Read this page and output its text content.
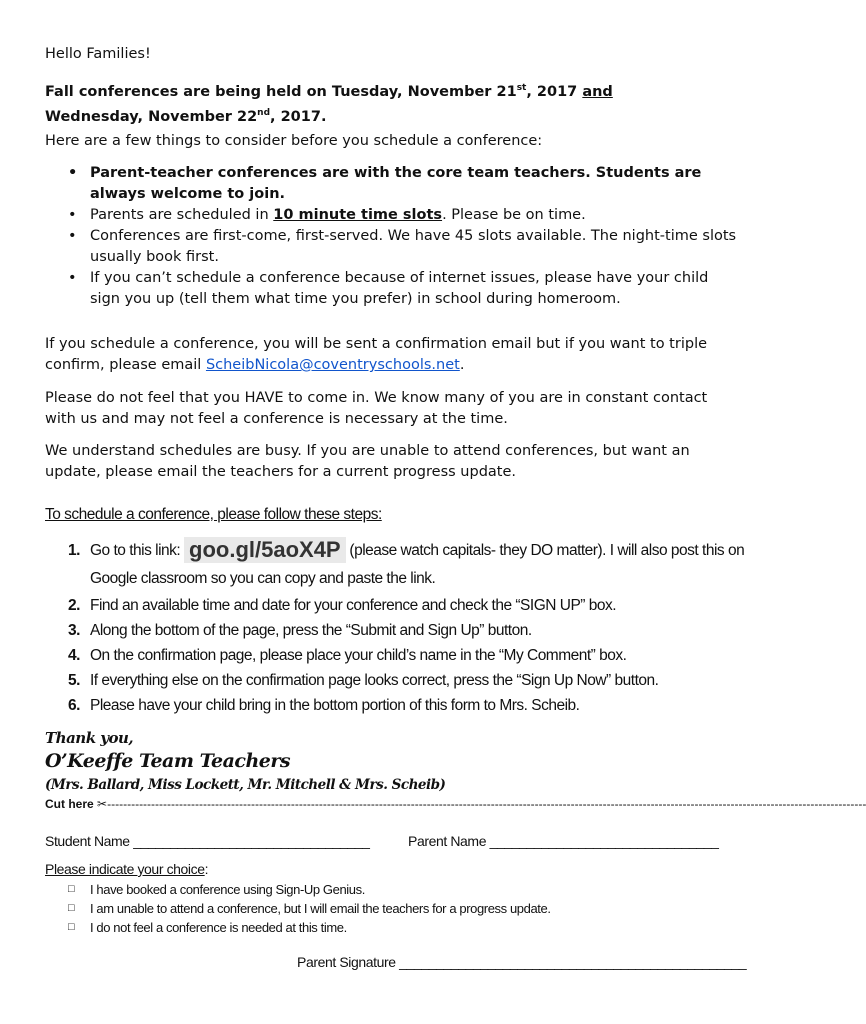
Hello Families!

Fall conferences are being held on Tuesday, November 21st, 2017 and
Wednesday, November 22nd, 2017.

Here are a few things to consider before you schedule a conference:

• Parent-teacher conferences are with the core team teachers. Students are always welcome to join.
• Parents are scheduled in 10 minute time slots. Please be on time.
• Conferences are first-come, first-served. We have 45 slots available. The night-time slots usually book first.
• If you can’t schedule a conference because of internet issues, please have your child sign you up (tell them what time you prefer) in school during homeroom.

If you schedule a conference, you will be sent a confirmation email but if you want to triple confirm, please email ScheibNicola@coventryschools.net.

Please do not feel that you HAVE to come in. We know many of you are in constant contact with us and may not feel a conference is necessary at the time.

We understand schedules are busy. If you are unable to attend conferences, but want an update, please email the teachers for a current progress update.

To schedule a conference, please follow these steps:
1. Go to this link: goo.gl/5aoX4P (please watch capitals- they DO matter). I will also post this on Google classroom so you can copy and paste the link.
2. Find an available time and date for your conference and check the “SIGN UP” box.
3. Along the bottom of the page, press the “Submit and Sign Up” button.
4. On the confirmation page, please place your child’s name in the “My Comment” box.
5. If everything else on the confirmation page looks correct, press the “Sign Up Now” button.
6. Please have your child bring in the bottom portion of this form to Mrs. Scheib.
Thank you,
O’Keeffe Team Teachers
(Mrs. Ballard, Miss Lockett, Mr. Mitchell & Mrs. Scheib)
Cut here ✂----------------------------------------------------------------------------------------------------------------------------------------------------------------------------------------------
Student Name ________________________________	Parent Name _______________________________
Please indicate your choice:
□ I have booked a conference using Sign-Up Genius.
□ I am unable to attend a conference, but I will email the teachers for a progress update.
□ I do not feel a conference is needed at this time.
Parent Signature _______________________________________________
